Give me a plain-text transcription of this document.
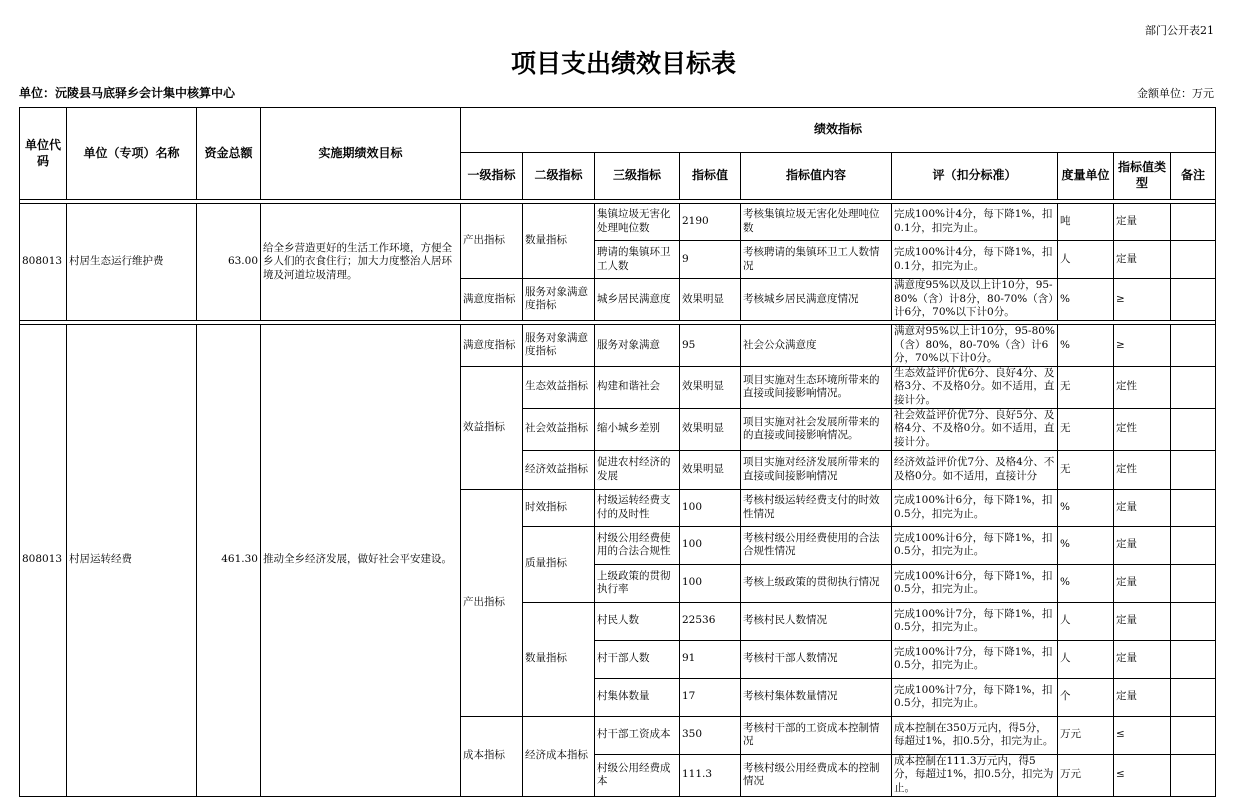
部门公开表21
项目支出绩效目标表
单位：沅陵县马底驿乡会计集中核算中心	金额单位：万元
单位代码	单位（专项）名称	资金总额	实施期绩效目标	绩效指标								
				一级指标	二级指标	三级指标	指标值	指标值内容	评（扣分标准）	度量单位	指标值类型	备注

808013	村居生态运行维护费	63.00	给全乡营造更好的生活工作环境，方便全乡人们的衣食住行；加大力度整治人居环境及河道垃圾清理。	产出指标	数量指标	集镇垃圾无害化处理吨位数	2190	考核集镇垃圾无害化处理吨位数	完成100%计4分，每下降1%，扣0.1分，扣完为止。	吨	定量	
						聘请的集镇环卫工人数	9	考核聘请的集镇环卫工人数情况	完成100%计4分，每下降1%，扣0.1分，扣完为止。	人	定量	
				满意度指标	服务对象满意度指标	城乡居民满意度	效果明显	考核城乡居民满意度情况	满意度95%以及以上计10分，95-80%（含）计8分，80-70%（含）计6分，70%以下计0分。	%	≥	

808013	村居运转经费	461.30	推动全乡经济发展，做好社会平安建设。	满意度指标	服务对象满意度指标	服务对象满意	95	社会公众满意度	满意对95%以上计10分，95-80%（含）80%，80-70%（含）计6分，70%以下计0分。	%	≥	
				效益指标	生态效益指标	构建和谐社会	效果明显	项目实施对生态环境所带来的直接或间接影响情况。	生态效益评价优6分、良好4分、及格3分、不及格0分。如不适用，直接计分。	无	定性	
					社会效益指标	缩小城乡差别	效果明显	项目实施对社会发展所带来的的直接或间接影响情况。	社会效益评价优7分、良好5分、及格4分、不及格0分。如不适用，直接计分。	无	定性	
					经济效益指标	促进农村经济的发展	效果明显	项目实施对经济发展所带来的直接或间接影响情况	经济效益评价优7分、及格4分、不及格0分。如不适用，直接计分	无	定性	
				产出指标	时效指标	村级运转经费支付的及时性	100	考核村级运转经费支付的时效性情况	完成100%计6分，每下降1%，扣0.5分，扣完为止。	%	定量	
					质量指标	村级公用经费使用的合法合规性	100	考核村级公用经费使用的合法合规性情况	完成100%计6分，每下降1%，扣0.5分，扣完为止。	%	定量	
						上级政策的贯彻执行率	100	考核上级政策的贯彻执行情况	完成100%计6分，每下降1%，扣0.5分，扣完为止。	%	定量	
					数量指标	村民人数	22536	考核村民人数情况	完成100%计7分，每下降1%，扣0.5分，扣完为止。	人	定量	
						村干部人数	91	考核村干部人数情况	完成100%计7分，每下降1%，扣0.5分，扣完为止。	人	定量	
						村集体数量	17	考核村集体数量情况	完成100%计7分，每下降1%，扣0.5分，扣完为止。	个	定量	
				成本指标	经济成本指标	村干部工资成本	350	考核村干部的工资成本控制情况	成本控制在350万元内，得5分，每超过1%，扣0.5分，扣完为止。	万元	≤	
						村级公用经费成本	111.3	考核村级公用经费成本的控制情况	成本控制在111.3万元内，得5分，每超过1%，扣0.5分，扣完为止。	万元	≤	
